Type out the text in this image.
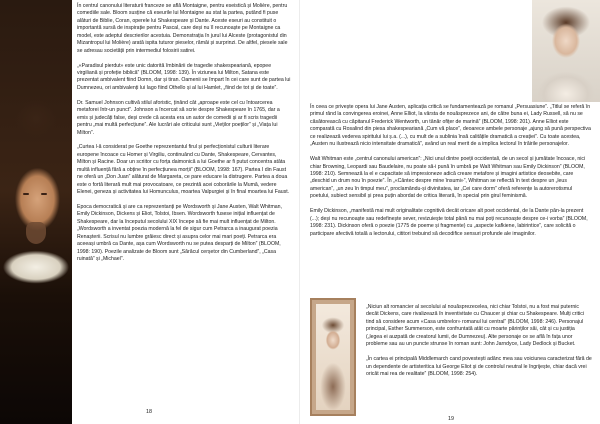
În centrul canonului literaturii franceze se află Montaigne, pentru eseistică și Molière, pentru comediile sale. Bloom susține că eseurile lui Montaigne au stat la partea, putând fi puse alături de Biblie, Coran, operele lui Shakespeare și Dante. Aceste eseuri au constituit o importantă sursă de inspirație pentru Pascal, care deși nu îl recunoaște pe Montaigne ca model, este adeptul descrierilor acestuia. Demonstrația în jurul lui Alceste (protagonistul din Mizantropul lui Molière) arată ispita tuturor pieselor, rămâi și surprinzi. De altfel, piesele sale se adresau societății prin intermediul folosirii satirei.

„«Paradisul pierdut» este unic datorită îmbinării de tragedie shakespeariană, epopee virgiliană și profeție biblică” (BLOOM, 1998: 139). În viziunea lui Milton, Satana este prezentat ambivalent fiind Domn, dar și tiran. Oamenii se împart în cei care sunt de partea lui Dumnezeu, ori ambivalenți lui Iago fiind Othello și al lui Hamlet, „fiind de tot și de toate”.

Dr. Samuel Johnson cultivă stilul aforistic, ținând cât „aproape este cel cu întoarcerea metaforei într-un punct”. Johnson a încercat să scrie despre Shakespeare în 1765, dar a emis și judecăți false, deși crede că acesta era un autor de comedii și ar fi scris tragedii pentru „mai multă perfecțiune”. Ale lucrări ale criticului sunt „Vieților poeților” și „Viața lui Milton”.

„Curtea l-ă considerat pe Goethe reprezentantul firul și perfecționistul culturii literare europene încoace cu Homer și Virgiliu, continuând cu Dante, Shakespeare, Cervantes, Milton și Racine. Doar un scriitor cu forța daimonică a lui Goethe ar fi putut concentra atâta multă influență fără a obține în perfecțiunea morții” (BLOOM, 1998: 167). Partea I din Faust ne oferă un „Don Juan” alăturat de Margareta, ce pare educare la distrugere. Partea a doua este o fortă literară mult mai provocatoare, ce prezintă acei coborârile la Mumă, vedere Elenei, geneza și activitatea lui Homunculus, moartea Valpurgiei și în final moartea lui Faust.

Epoca democratică și are ca reprezentanți pe Wordsworth și Jane Austen, Walt Whitman, Emily Dickinson, Dickens și Eliot, Tolstoi, Ibsen. Wordsworth fusese inițial influențat de Shakespeare, dar la începutul secolului XIX începe să fie mai mult influențat de Milton. „Wordsworth a inventat poezia modernă la fel de sigur cum Petrarca a inaugurat poezia Renașterii. Scrisul nu lumbre grăiesc direct și asupra celor mai mari poeți. Petrarca era aceeași umbră ca Dante, așa cum Wordsworth nu se putea desparți de Milton” (BLOOM, 1998: 190). Poezile analizate de Bloom sunt „Sărăcul cerșetor din Cumberland”, „Casa ruinată” și „Michael”.

18

În ceea ce privește opera lui Jane Austen, aplicația critică se fundamentează pe romanul „Persuasiune”. „Titlul se referă în primul rând la convingerea eroinei, Anne Elliot, la vârsta de nouăsprezece ani, de către buna ei, Lady Russell, să nu se căsătorească cu căpitanul Frederick Wentworth, un tânăr ofițer de marină” (BLOOM, 1998: 201). Anne Elliot este comparată cu Rosalind din piesa shakespeariană „Cum vă place”, deoarece ambele personaje „ajung să pună perspectiva ce realizează vederea spiritului lui ș.a. (...), cu mult de a sublinia însă calitățile dramatică a creației”. Cu toate acestea, „Austen nu ilustrează nicio intensitate dramatică”, având un real merit de a implica lectorul în trăirile personajelor.

Walt Whitman este „centrul canonului american”: „Nici unul dintre poeții occidentali, de un secol și jumătate încoace, nici chiar Browning, Leopardi sau Baudelaire, nu poate să-i pună în umbră pe Walt Whitman sau Emily Dickinson” (BLOOM, 1998: 210). Semnează la el e capacitate să impresioneze adică creare metafore și imagini artistice deosebite, care „deschid un drum nou în poezie”. În „«Cântec despre mine însumi»”, Whitman se reflectă în text despre un „leus american”, „un zeu în timpul meu”, proclamându-și divinitatea, iar „Cei care dorm” oferă referențe la autorerotismul poetului, subiect sensibil și prea puțin abordat de critica literară, în special prin girul feminismă.

Emily Dickinson, „manifestă mai mult originalitate cognitivă decât oricare alt poet occidental, de la Dante pân-la prezent (...); deși nu recunoaște sau redefinește sever, revizuiește total până nu mai poți recunoaște despre ce-i vorba” (BLOOM, 1998: 231). Dickinson oferă o poezie (1775 de poeme și fragmente) cu „aspecte kafkiene, labirintice”, care solicită o participare afectivă totală a lectorului, cititori trebuind să decodifice sensuri profunde ale imaginilor.

„Niciun alt romancier al secolului al nouăsprezecelea, nici chiar Tolstoi, nu a fost mai puternic decât Dickens, care rivalizează în inventivitate cu Chaucer și chiar cu Shakespeare. Mulți critici tind să considere acum «Casa umbrelor» romanul lui central” (BLOOM, 1998: 246). Personajul principal, Esther Summerson, este confruntată atât cu moarte părinților săi, cât și cu justiția („legea ei auzpată de creatorul lumii, de Dumnezeu). Alte personaje ce se află în fața unor probleme sau au un puncte strunse în roman sunt: John Jarndyce, Lady Dedlock și Bucket.

„În cartea ei principală Middlemarch cand povestești adânc mea sau voiciunea caracterizat fără de un dependente de artisteritica lui George Eliot și de controlul neutral le îngrijește, chiar dacă vrei oricât mai rea de realitate” (BLOOM, 1998: 254).

19
